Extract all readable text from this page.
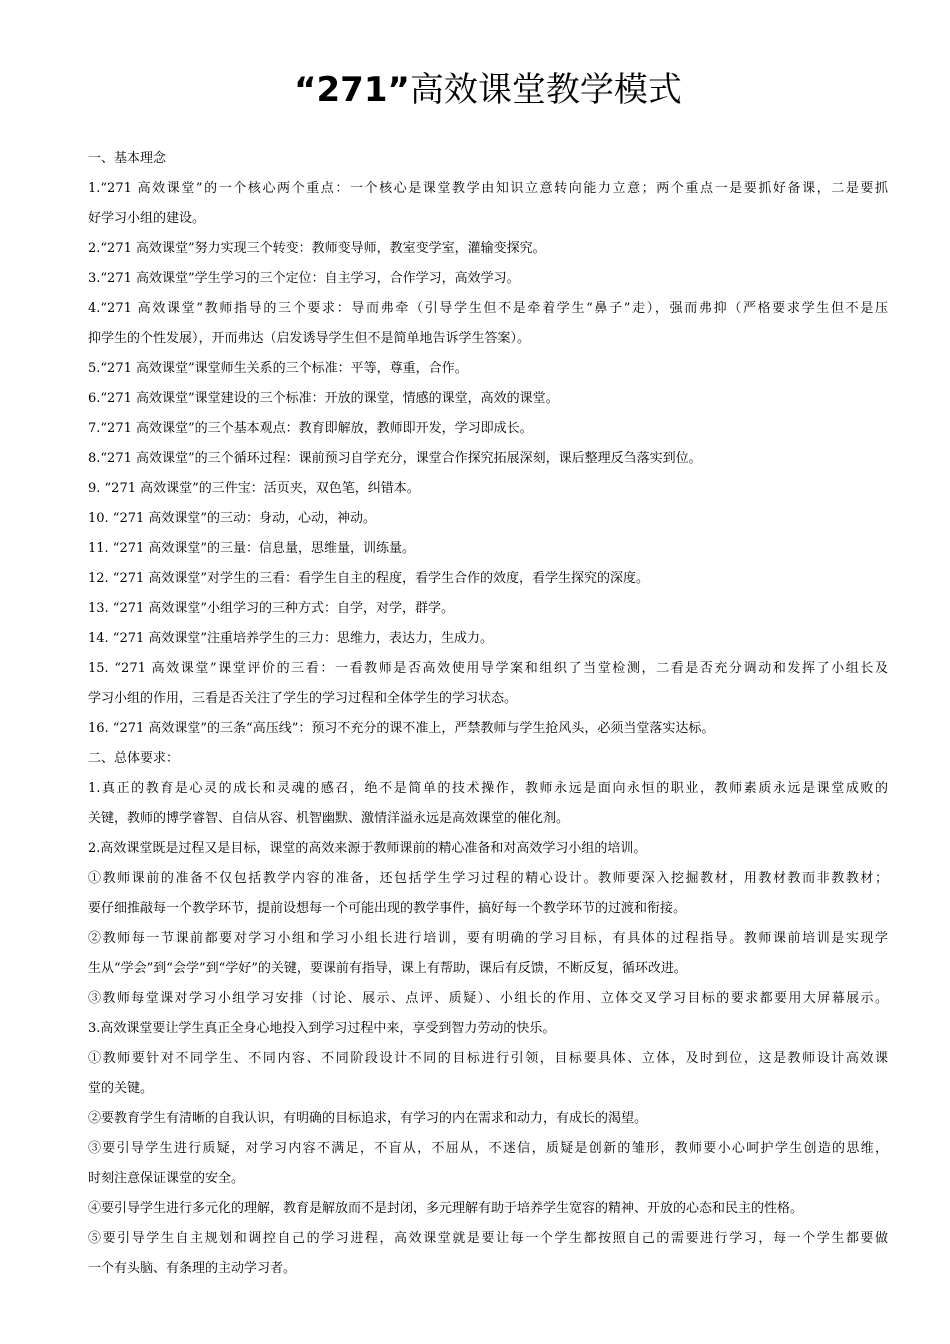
“271”高效课堂教学模式
一、基本理念
1.“271 高效课堂”的一个核心两个重点：一个核心是课堂教学由知识立意转向能力立意；两个重点一是要抓好备课，二是要抓
好学习小组的建设。
2.“271 高效课堂”努力实现三个转变：教师变导师，教室变学室，灌输变探究。
3.“271 高效课堂”学生学习的三个定位：自主学习，合作学习，高效学习。
4.“271 高效课堂”教师指导的三个要求：导而弗牵（引导学生但不是牵着学生“鼻子”走），强而弗抑（严格要求学生但不是压
抑学生的个性发展），开而弗达（启发诱导学生但不是简单地告诉学生答案）。
5.“271 高效课堂”课堂师生关系的三个标准：平等，尊重，合作。
6.“271 高效课堂”课堂建设的三个标准：开放的课堂，情感的课堂，高效的课堂。
7.“271 高效课堂”的三个基本观点：教育即解放，教师即开发，学习即成长。
8.“271 高效课堂”的三个循环过程：课前预习自学充分，课堂合作探究拓展深刻，课后整理反刍落实到位。
9. “271 高效课堂”的三件宝：活页夹，双色笔，纠错本。
10. “271 高效课堂”的三动：身动，心动，神动。
11. “271 高效课堂”的三量：信息量，思维量，训练量。
12. “271 高效课堂”对学生的三看：看学生自主的程度，看学生合作的效度，看学生探究的深度。
13. “271 高效课堂”小组学习的三种方式：自学，对学，群学。
14. “271 高效课堂”注重培养学生的三力：思维力，表达力，生成力。
15. “271 高效课堂”课堂评价的三看：一看教师是否高效使用导学案和组织了当堂检测，二看是否充分调动和发挥了小组长及
学习小组的作用，三看是否关注了学生的学习过程和全体学生的学习状态。
16. “271 高效课堂”的三条“高压线”：预习不充分的课不准上，严禁教师与学生抢风头，必须当堂落实达标。
二、总体要求：
1.真正的教育是心灵的成长和灵魂的感召，绝不是简单的技术操作，教师永远是面向永恒的职业，教师素质永远是课堂成败的
关键，教师的博学睿智、自信从容、机智幽默、激情洋溢永远是高效课堂的催化剂。
2.高效课堂既是过程又是目标，课堂的高效来源于教师课前的精心准备和对高效学习小组的培训。
①教师课前的准备不仅包括教学内容的准备，还包括学生学习过程的精心设计。教师要深入挖掘教材，用教材教而非教教材；
要仔细推敲每一个教学环节，提前设想每一个可能出现的教学事件，搞好每一个教学环节的过渡和衔接。
②教师每一节课前都要对学习小组和学习小组长进行培训，要有明确的学习目标，有具体的过程指导。教师课前培训是实现学
生从“学会”到“会学”到“学好”的关键，要课前有指导，课上有帮助，课后有反馈，不断反复，循环改进。
③教师每堂课对学习小组学习安排（讨论、展示、点评、质疑）、小组长的作用、立体交叉学习目标的要求都要用大屏幕展示。
3.高效课堂要让学生真正全身心地投入到学习过程中来，享受到智力劳动的快乐。
①教师要针对不同学生、不同内容、不同阶段设计不同的目标进行引领，目标要具体、立体，及时到位，这是教师设计高效课
堂的关键。
②要教育学生有清晰的自我认识，有明确的目标追求，有学习的内在需求和动力，有成长的渴望。
③要引导学生进行质疑，对学习内容不满足，不盲从，不屈从，不迷信，质疑是创新的雏形，教师要小心呵护学生创造的思维，
时刻注意保证课堂的安全。
④要引导学生进行多元化的理解，教育是解放而不是封闭，多元理解有助于培养学生宽容的精神、开放的心态和民主的性格。
⑤要引导学生自主规划和调控自己的学习进程，高效课堂就是要让每一个学生都按照自己的需要进行学习，每一个学生都要做
一个有头脑、有条理的主动学习者。
